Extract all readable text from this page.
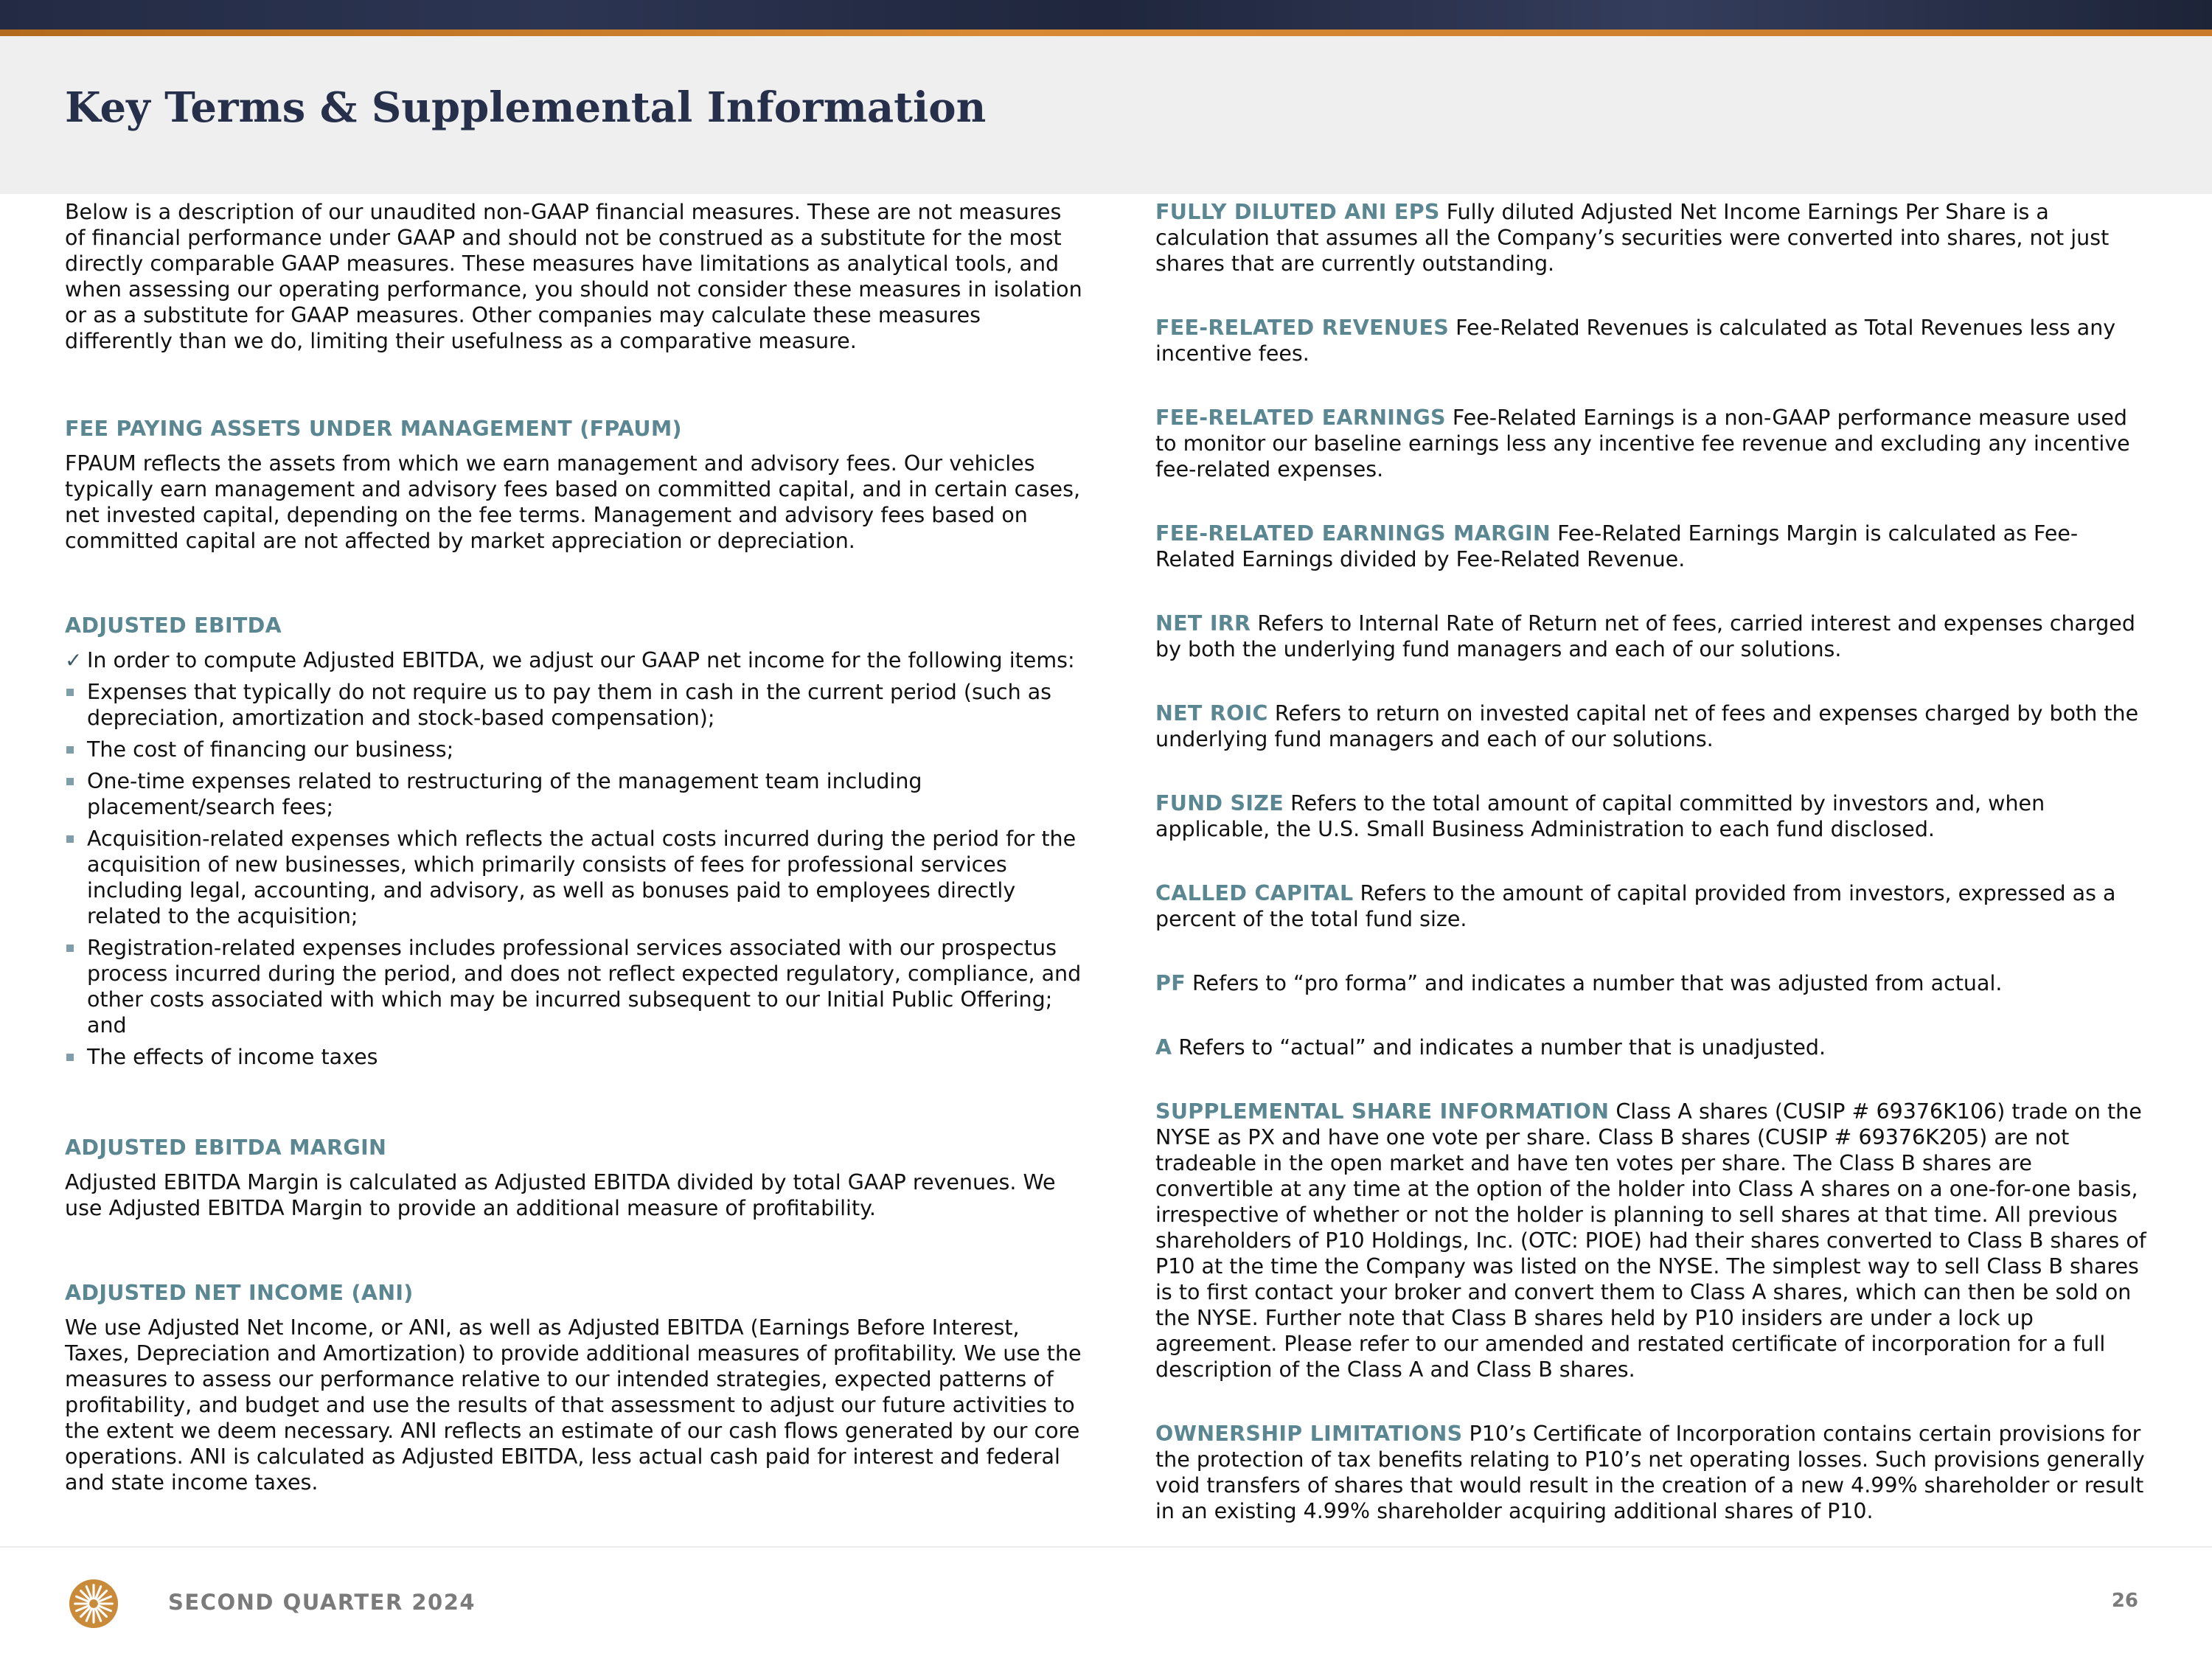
Key Terms & Supplemental Information

Below is a description of our unaudited non-GAAP financial measures. These are not measures of financial performance under GAAP and should not be construed as a substitute for the most directly comparable GAAP measures. These measures have limitations as analytical tools, and when assessing our operating performance, you should not consider these measures in isolation or as a substitute for GAAP measures. Other companies may calculate these measures differently than we do, limiting their usefulness as a comparative measure.

FEE PAYING ASSETS UNDER MANAGEMENT (FPAUM)

FPAUM reflects the assets from which we earn management and advisory fees. Our vehicles typically earn management and advisory fees based on committed capital, and in certain cases, net invested capital, depending on the fee terms. Management and advisory fees based on committed capital are not affected by market appreciation or depreciation.

ADJUSTED EBITDA

✓ In order to compute Adjusted EBITDA, we adjust our GAAP net income for the following items:
Expenses that typically do not require us to pay them in cash in the current period (such as depreciation, amortization and stock-based compensation);
The cost of financing our business;
One-time expenses related to restructuring of the management team including placement/search fees;
Acquisition-related expenses which reflects the actual costs incurred during the period for the acquisition of new businesses, which primarily consists of fees for professional services including legal, accounting, and advisory, as well as bonuses paid to employees directly related to the acquisition;
Registration-related expenses includes professional services associated with our prospectus process incurred during the period, and does not reflect expected regulatory, compliance, and other costs associated with which may be incurred subsequent to our Initial Public Offering; and
The effects of income taxes

ADJUSTED EBITDA MARGIN

Adjusted EBITDA Margin is calculated as Adjusted EBITDA divided by total GAAP revenues. We use Adjusted EBITDA Margin to provide an additional measure of profitability.

ADJUSTED NET INCOME (ANI)

We use Adjusted Net Income, or ANI, as well as Adjusted EBITDA (Earnings Before Interest, Taxes, Depreciation and Amortization) to provide additional measures of profitability. We use the measures to assess our performance relative to our intended strategies, expected patterns of profitability, and budget and use the results of that assessment to adjust our future activities to the extent we deem necessary. ANI reflects an estimate of our cash flows generated by our core operations. ANI is calculated as Adjusted EBITDA, less actual cash paid for interest and federal and state income taxes.

FULLY DILUTED ANI EPS Fully diluted Adjusted Net Income Earnings Per Share is a calculation that assumes all the Company’s securities were converted into shares, not just shares that are currently outstanding.

FEE-RELATED REVENUES Fee-Related Revenues is calculated as Total Revenues less any incentive fees.

FEE-RELATED EARNINGS Fee-Related Earnings is a non-GAAP performance measure used to monitor our baseline earnings less any incentive fee revenue and excluding any incentive fee-related expenses.

FEE-RELATED EARNINGS MARGIN Fee-Related Earnings Margin is calculated as Fee-Related Earnings divided by Fee-Related Revenue.

NET IRR Refers to Internal Rate of Return net of fees, carried interest and expenses charged by both the underlying fund managers and each of our solutions.

NET ROIC Refers to return on invested capital net of fees and expenses charged by both the underlying fund managers and each of our solutions.

FUND SIZE Refers to the total amount of capital committed by investors and, when applicable, the U.S. Small Business Administration to each fund disclosed.

CALLED CAPITAL Refers to the amount of capital provided from investors, expressed as a percent of the total fund size.

PF Refers to “pro forma” and indicates a number that was adjusted from actual.

A Refers to “actual” and indicates a number that is unadjusted.

SUPPLEMENTAL SHARE INFORMATION Class A shares (CUSIP # 69376K106) trade on the NYSE as PX and have one vote per share. Class B shares (CUSIP # 69376K205) are not tradeable in the open market and have ten votes per share. The Class B shares are convertible at any time at the option of the holder into Class A shares on a one-for-one basis, irrespective of whether or not the holder is planning to sell shares at that time. All previous shareholders of P10 Holdings, Inc. (OTC: PIOE) had their shares converted to Class B shares of P10 at the time the Company was listed on the NYSE. The simplest way to sell Class B shares is to first contact your broker and convert them to Class A shares, which can then be sold on the NYSE. Further note that Class B shares held by P10 insiders are under a lock up agreement. Please refer to our amended and restated certificate of incorporation for a full description of the Class A and Class B shares.

OWNERSHIP LIMITATIONS P10’s Certificate of Incorporation contains certain provisions for the protection of tax benefits relating to P10’s net operating losses. Such provisions generally void transfers of shares that would result in the creation of a new 4.99% shareholder or result in an existing 4.99% shareholder acquiring additional shares of P10.

SECOND QUARTER 2024	26
